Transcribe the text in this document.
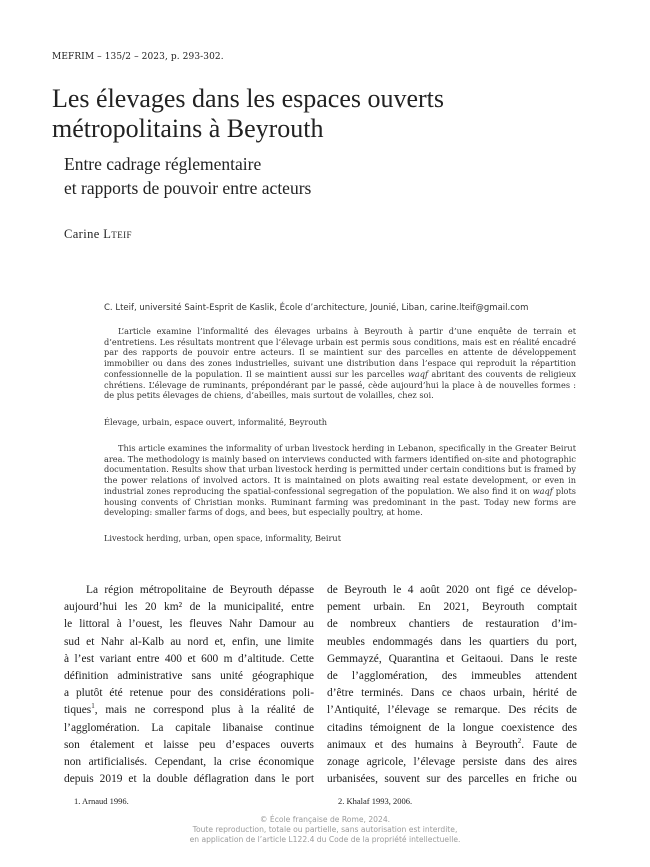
MEFRIM – 135/2 – 2023, p. 293-302.
Les élevages dans les espaces ouverts
métropolitains à Beyrouth
Entre cadrage réglementaire
et rapports de pouvoir entre acteurs
Carine Lteif
C. Lteif, université Saint-Esprit de Kaslik, École d’architecture, Jounié, Liban, carine.lteif@gmail.com
L’article examine l’informalité des élevages urbains à Beyrouth à partir d’une enquête de terrain et d’entretiens. Les résultats montrent que l’élevage urbain est permis sous conditions, mais est en réalité encadré par des rapports de pouvoir entre acteurs. Il se maintient sur des parcelles en attente de développement immobilier ou dans des zones industrielles, suivant une distribution dans l’espace qui reproduit la répartition confessionnelle de la population. Il se maintient aussi sur les parcelles waqf abritant des couvents de religieux chrétiens. L’élevage de ruminants, prépondérant par le passé, cède aujourd’hui la place à de nouvelles formes : de plus petits élevages de chiens, d’abeilles, mais surtout de volailles, chez soi.
Élevage, urbain, espace ouvert, informalité, Beyrouth
This article examines the informality of urban livestock herding in Lebanon, specifically in the Greater Beirut area. The methodology is mainly based on interviews conducted with farmers identified on-site and photographic documentation. Results show that urban livestock herding is permitted under certain conditions but is framed by the power relations of involved actors. It is maintained on plots awaiting real estate development, or even in industrial zones reproducing the spatial-confessional segregation of the population. We also find it on waqf plots housing convents of Christian monks. Ruminant farming was predominant in the past. Today new forms are developing: smaller farms of dogs, and bees, but especially poultry, at home.
Livestock herding, urban, open space, informality, Beirut
La région métropolitaine de Beyrouth dépasse
aujourd’hui les 20 km² de la municipalité, entre
le littoral à l’ouest, les fleuves Nahr Damour au
sud et Nahr al-Kalb au nord et, enfin, une limite
à l’est variant entre 400 et 600 m d’altitude. Cette
définition administrative sans unité géographique
a plutôt été retenue pour des considérations poli-
tiques$^1$, mais ne correspond plus à la réalité de
l’agglomération. La capitale libanaise continue
son étalement et laisse peu d’espaces ouverts
non artificialisés. Cependant, la crise économique
depuis 2019 et la double déflagration dans le port
de Beyrouth le 4 août 2020 ont figé ce dévelop-
pement urbain. En 2021, Beyrouth comptait
de nombreux chantiers de restauration d’im-
meubles endommagés dans les quartiers du port,
Gemmayzé, Quarantina et Geitaoui. Dans le reste
de l’agglomération, des immeubles attendent
d’être terminés. Dans ce chaos urbain, hérité de
l’Antiquité, l’élevage se remarque. Des récits de
citadins témoignent de la longue coexistence des
animaux et des humains à Beyrouth$^2$. Faute de
zonage agricole, l’élevage persiste dans des aires
urbanisées, souvent sur des parcelles en friche ou
1. Arnaud 1996.	2. Khalaf 1993, 2006.
© École française de Rome, 2024.
Toute reproduction, totale ou partielle, sans autorisation est interdite,
en application de l’article L122.4 du Code de la propriété intellectuelle.
